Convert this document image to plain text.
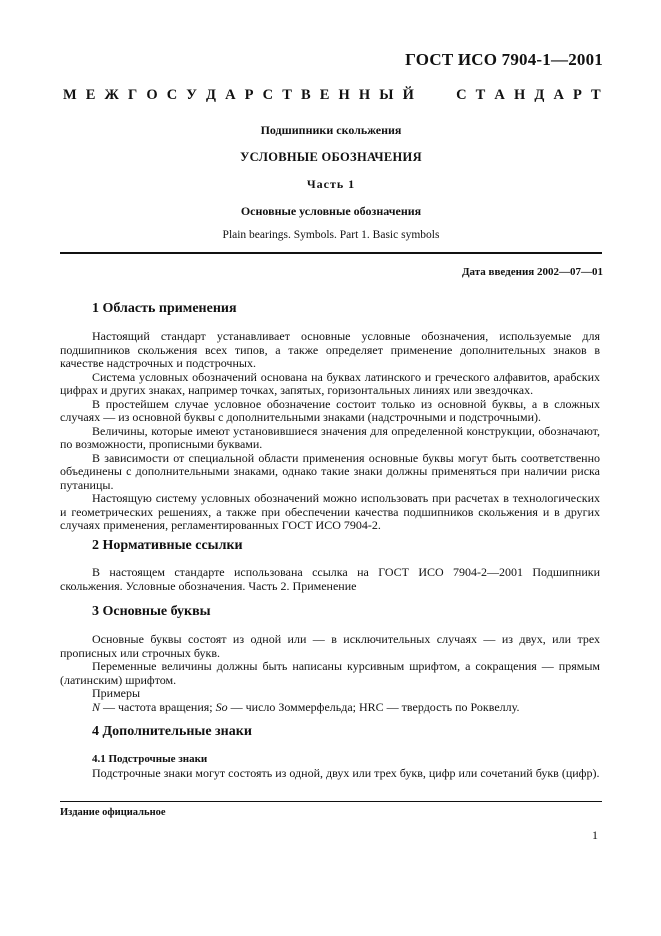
ГОСТ ИСО 7904-1—2001
М Е Ж Г О С У Д А Р С Т В Е Н Н Ы Й	С Т А Н Д А Р Т
Подшипники скольжения
УСЛОВНЫЕ ОБОЗНАЧЕНИЯ
Часть 1
Основные условные обозначения
Plain bearings. Symbols. Part 1. Basic symbols
Дата введения 2002—07—01
1 Область применения
Настоящий стандарт устанавливает основные условные обозначения, используемые для подшипников скольжения всех типов, а также определяет применение дополнительных знаков в качестве надстрочных и подстрочных.
Система условных обозначений основана на буквах латинского и греческого алфавитов, арабских цифрах и других знаках, например точках, запятых, горизонтальных линиях или звездочках.
В простейшем случае условное обозначение состоит только из основной буквы, а в сложных случаях — из основной буквы с дополнительными знаками (надстрочными и подстрочными).
Величины, которые имеют установившиеся значения для определенной конструкции, обозначают, по возможности, прописными буквами.
В зависимости от специальной области применения основные буквы могут быть соответственно объединены с дополнительными знаками, однако такие знаки должны применяться при наличии риска путаницы.
Настоящую систему условных обозначений можно использовать при расчетах в технологических и геометрических решениях, а также при обеспечении качества подшипников скольжения и в других случаях применения, регламентированных ГОСТ ИСО 7904-2.
2 Нормативные ссылки
В настоящем стандарте использована ссылка на ГОСТ ИСО 7904-2—2001 Подшипники скольжения. Условные обозначения. Часть 2. Применение
3 Основные буквы
Основные буквы состоят из одной или — в исключительных случаях — из двух, или трех прописных или строчных букв.
Переменные величины должны быть написаны курсивным шрифтом, а сокращения — прямым (латинским) шрифтом.
Примеры
N — частота вращения; So — число Зоммерфельда; HRC — твердость по Роквеллу.
4 Дополнительные знаки
4.1 Подстрочные знаки
Подстрочные знаки могут состоять из одной, двух или трех букв, цифр или сочетаний букв (цифр).
Издание официальное
1
